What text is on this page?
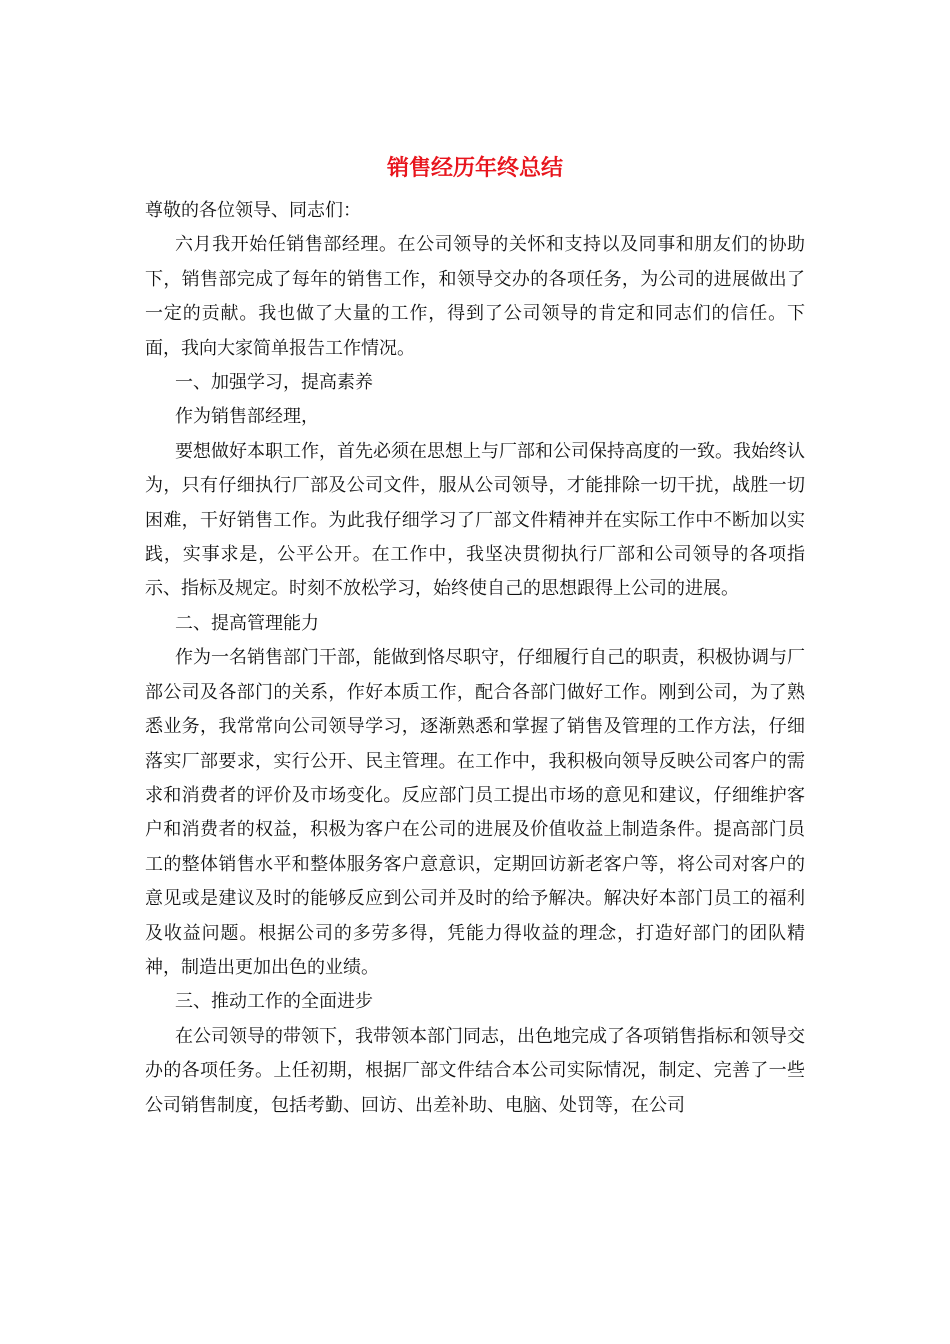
销售经历年终总结

尊敬的各位领导、同志们：

六月我开始任销售部经理。在公司领导的关怀和支持以及同事和朋友们的协助下，销售部完成了每年的销售工作，和领导交办的各项任务，为公司的进展做出了一定的贡献。我也做了大量的工作，得到了公司领导的肯定和同志们的信任。下面，我向大家简单报告工作情况。

一、加强学习，提高素养

作为销售部经理，

要想做好本职工作，首先必须在思想上与厂部和公司保持高度的一致。我始终认为，只有仔细执行厂部及公司文件，服从公司领导，才能排除一切干扰，战胜一切困难，干好销售工作。为此我仔细学习了厂部文件精神并在实际工作中不断加以实践，实事求是，公平公开。在工作中，我坚决贯彻执行厂部和公司领导的各项指示、指标及规定。时刻不放松学习，始终使自己的思想跟得上公司的进展。

二、提高管理能力

作为一名销售部门干部，能做到恪尽职守，仔细履行自己的职责，积极协调与厂部公司及各部门的关系，作好本质工作，配合各部门做好工作。刚到公司，为了熟悉业务，我常常向公司领导学习，逐渐熟悉和掌握了销售及管理的工作方法，仔细落实厂部要求，实行公开、民主管理。在工作中，我积极向领导反映公司客户的需求和消费者的评价及市场变化。反应部门员工提出市场的意见和建议，仔细维护客户和消费者的权益，积极为客户在公司的进展及价值收益上制造条件。提高部门员工的整体销售水平和整体服务客户意意识，定期回访新老客户等，将公司对客户的意见或是建议及时的能够反应到公司并及时的给予解决。解决好本部门员工的福利及收益问题。根据公司的多劳多得，凭能力得收益的理念，打造好部门的团队精神，制造出更加出色的业绩。

三、推动工作的全面进步

在公司领导的带领下，我带领本部门同志，出色地完成了各项销售指标和领导交办的各项任务。上任初期，根据厂部文件结合本公司实际情况，制定、完善了一些公司销售制度，包括考勤、回访、出差补助、电脑、处罚等，在公司
